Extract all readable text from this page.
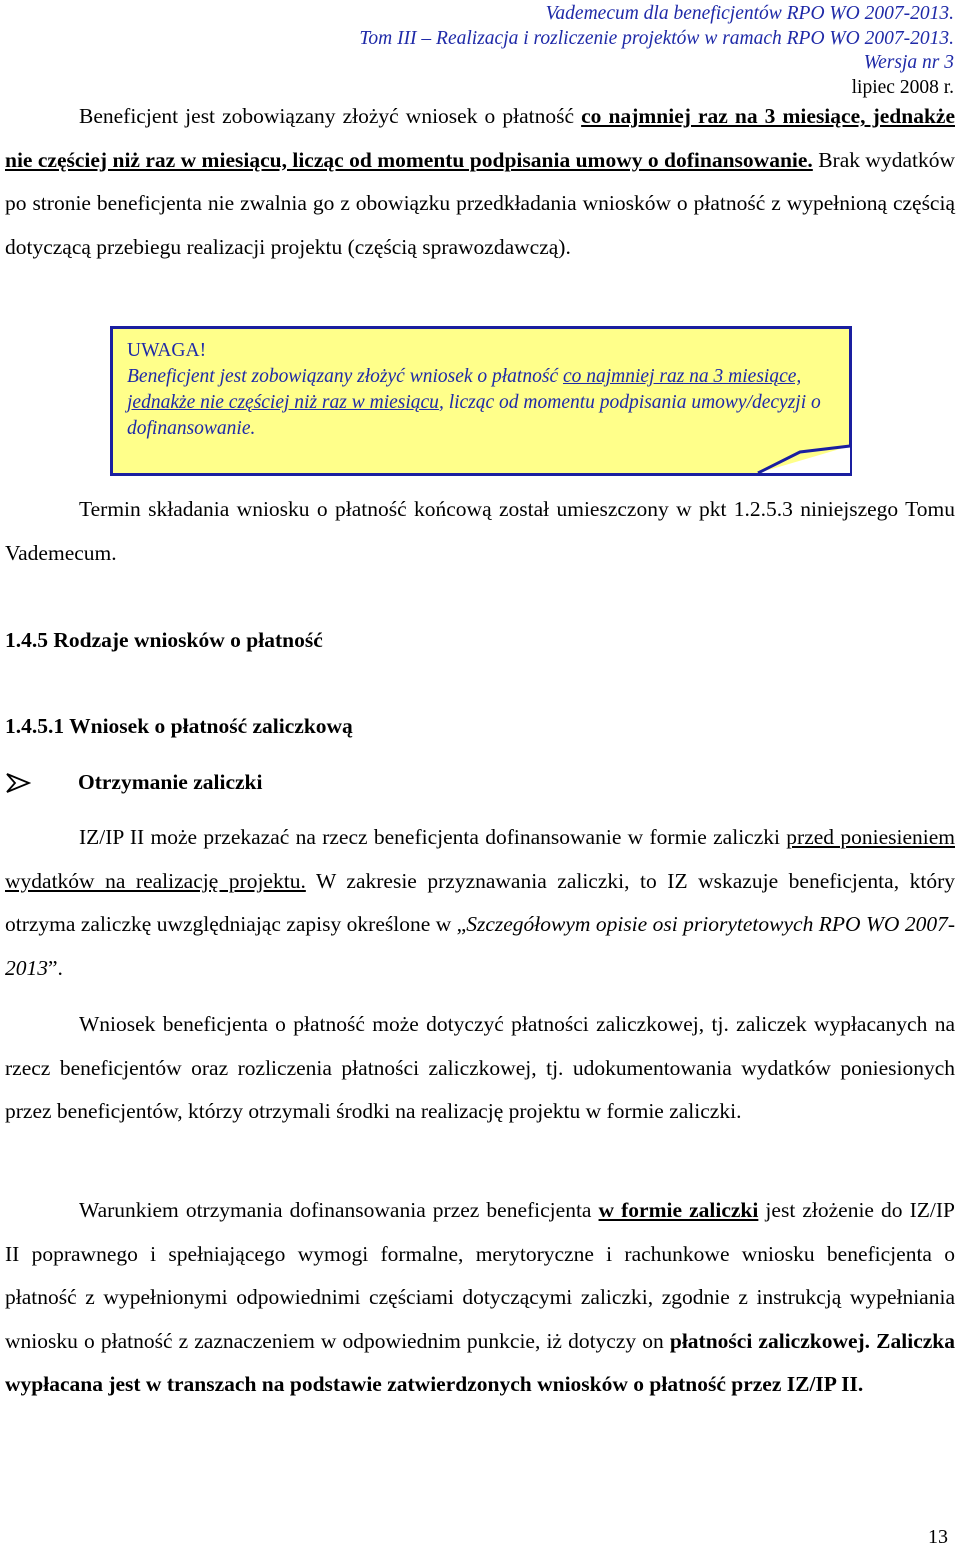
Vademecum dla beneficjentów RPO WO 2007-2013.
Tom III – Realizacja i rozliczenie projektów w ramach RPO WO 2007-2013.
Wersja nr 3
lipiec 2008 r.
Beneficjent jest zobowiązany złożyć wniosek o płatność co najmniej raz na 3 miesiące, jednakże nie częściej niż raz w miesiącu, licząc od momentu podpisania umowy o dofinansowanie. Brak wydatków po stronie beneficjenta nie zwalnia go z obowiązku przedkładania wniosków o płatność z wypełnioną częścią dotyczącą przebiegu realizacji projektu (częścią sprawozdawczą).
UWAGA!
Beneficjent jest zobowiązany złożyć wniosek o płatność co najmniej raz na 3 miesiące, jednakże nie częściej niż raz w miesiącu, licząc od momentu podpisania umowy/decyzji o dofinansowanie.
Termin składania wniosku o płatność końcową został umieszczony w pkt 1.2.5.3 niniejszego Tomu Vademecum.
1.4.5 Rodzaje wniosków o płatność
1.4.5.1 Wniosek o płatność zaliczkową
Otrzymanie zaliczki
IZ/IP II może przekazać na rzecz beneficjenta dofinansowanie w formie zaliczki przed poniesieniem wydatków na realizację projektu. W zakresie przyznawania zaliczki, to IZ wskazuje beneficjenta, który otrzyma zaliczkę uwzględniając zapisy określone w „Szczegółowym opisie osi priorytetowych RPO WO 2007-2013”.
Wniosek beneficjenta o płatność może dotyczyć płatności zaliczkowej, tj. zaliczek wypłacanych na rzecz beneficjentów oraz rozliczenia płatności zaliczkowej, tj. udokumentowania wydatków poniesionych przez beneficjentów, którzy otrzymali środki na realizację projektu w formie zaliczki.
Warunkiem otrzymania dofinansowania przez beneficjenta w formie zaliczki jest złożenie do IZ/IP II poprawnego i spełniającego wymogi formalne, merytoryczne i rachunkowe wniosku beneficjenta o płatność z wypełnionymi odpowiednimi częściami dotyczącymi zaliczki, zgodnie z instrukcją wypełniania wniosku o płatność z zaznaczeniem w odpowiednim punkcie, iż dotyczy on płatności zaliczkowej. Zaliczka wypłacana jest w transzach na podstawie zatwierdzonych wniosków o płatność przez IZ/IP II.
13
